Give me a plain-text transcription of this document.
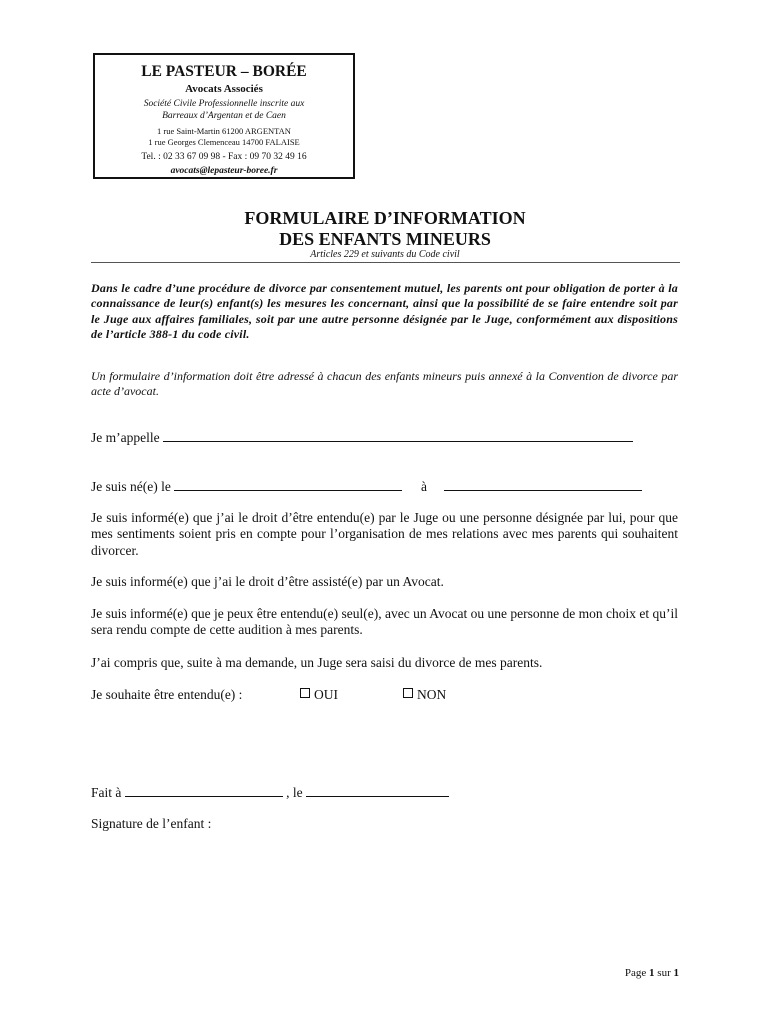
LE PASTEUR – BORÉE
Avocats Associés
Société Civile Professionnelle inscrite aux
Barreaux d’Argentan et de Caen
1 rue Saint-Martin 61200 ARGENTAN
1 rue Georges Clemenceau 14700 FALAISE
Tel. : 02 33 67 09 98 - Fax : 09 70 32 49 16
avocats@lepasteur-boree.fr
FORMULAIRE D’INFORMATION
DES ENFANTS MINEURS
Articles 229 et suivants du Code civil
Dans le cadre d’une procédure de divorce par consentement mutuel, les parents ont pour obligation de porter à la connaissance de leur(s) enfant(s) les mesures les concernant, ainsi que la possibilité de se faire entendre soit par le Juge aux affaires familiales, soit par une autre personne désignée par le Juge, conformément aux dispositions de l’article 388-1 du code civil.
Un formulaire d’information doit être adressé à chacun des enfants mineurs puis annexé à la Convention de divorce par acte d’avocat.
Je m’appelle
Je suis né(e) le	à
Je suis informé(e) que j’ai le droit d’être entendu(e) par le Juge ou une personne désignée par lui, pour que mes sentiments soient pris en compte pour l’organisation de mes relations avec mes parents qui souhaitent divorcer.
Je suis informé(e) que j’ai le droit d’être assisté(e) par un Avocat.
Je suis informé(e) que je peux être entendu(e) seul(e), avec un Avocat ou une personne de mon choix et qu’il sera rendu compte de cette audition à mes parents.
J’ai compris que, suite à ma demande, un Juge sera saisi du divorce de mes parents.
Je souhaite être entendu(e) :	OUI	NON
Fait à	, le
Signature de l’enfant :
Page 1 sur 1
